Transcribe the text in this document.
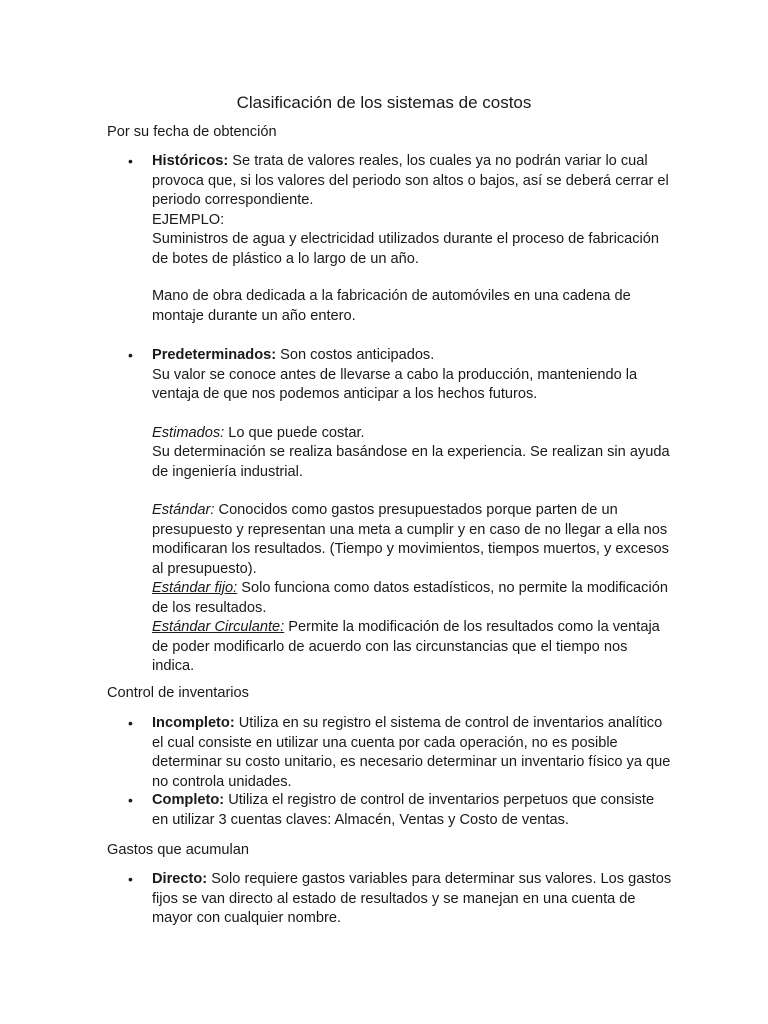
Clasificación de los sistemas de costos
Por su fecha de obtención
• Históricos: Se trata de valores reales, los cuales ya no podrán variar lo cual provoca que, si los valores del periodo son altos o bajos, así se deberá cerrar el periodo correspondiente.
EJEMPLO:
Suministros de agua y electricidad utilizados durante el proceso de fabricación de botes de plástico a lo largo de un año.
Mano de obra dedicada a la fabricación de automóviles en una cadena de montaje durante un año entero.
• Predeterminados: Son costos anticipados.
Su valor se conoce antes de llevarse a cabo la producción, manteniendo la ventaja de que nos podemos anticipar a los hechos futuros.
Estimados: Lo que puede costar.
Su determinación se realiza basándose en la experiencia. Se realizan sin ayuda de ingeniería industrial.
Estándar: Conocidos como gastos presupuestados porque parten de un presupuesto y representan una meta a cumplir y en caso de no llegar a ella nos modificaran los resultados. (Tiempo y movimientos, tiempos muertos, y excesos al presupuesto).
Estándar fijo: Solo funciona como datos estadísticos, no permite la modificación de los resultados.
Estándar Circulante: Permite la modificación de los resultados como la ventaja de poder modificarlo de acuerdo con las circunstancias que el tiempo nos indica.
Control de inventarios
• Incompleto: Utiliza en su registro el sistema de control de inventarios analítico el cual consiste en utilizar una cuenta por cada operación, no es posible determinar su costo unitario, es necesario determinar un inventario físico ya que no controla unidades.
• Completo: Utiliza el registro de control de inventarios perpetuos que consiste en utilizar 3 cuentas claves: Almacén, Ventas y Costo de ventas.
Gastos que acumulan
• Directo: Solo requiere gastos variables para determinar sus valores. Los gastos fijos se van directo al estado de resultados y se manejan en una cuenta de mayor con cualquier nombre.
